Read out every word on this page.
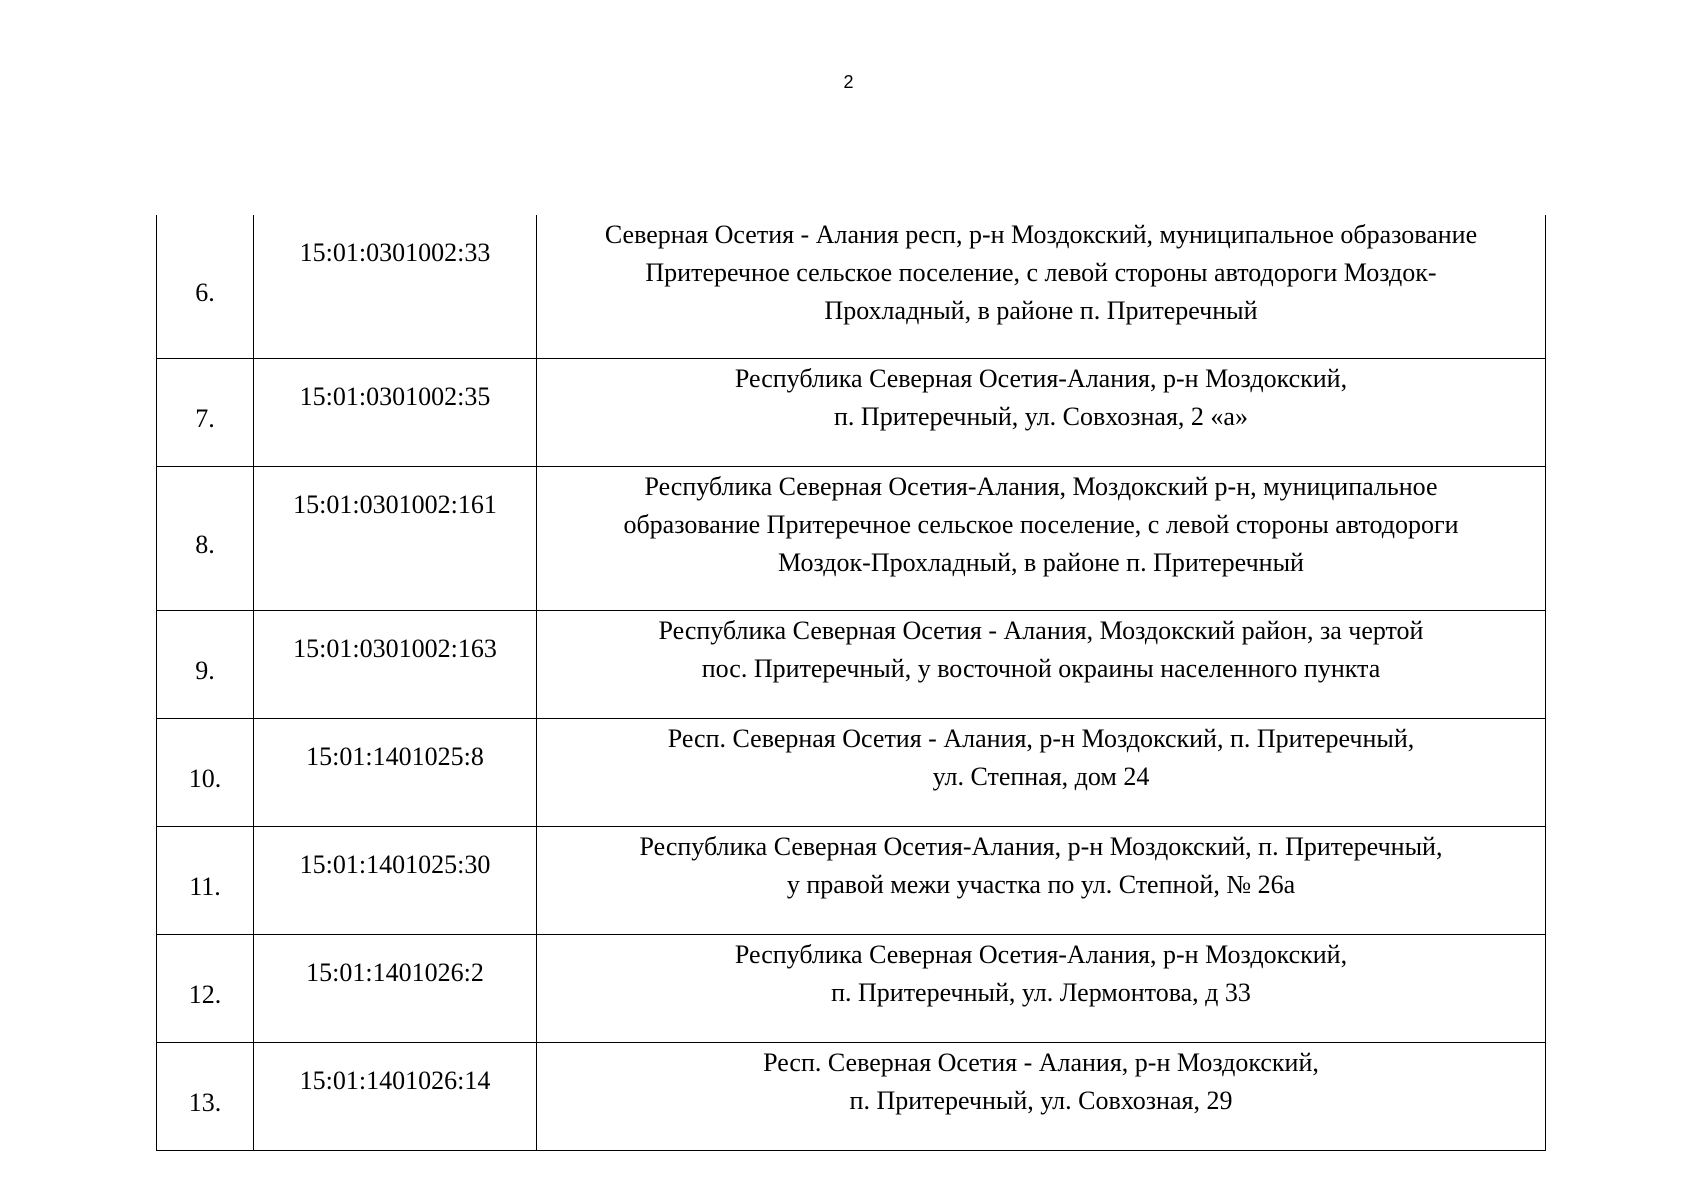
2
6.	15:01:0301002:33	Северная Осетия - Алания респ, р-н Моздокский, муниципальное образование
Притеречное сельское поселение, с левой стороны автодороги Моздок-
Прохладный, в районе п. Притеречный

7.	15:01:0301002:35	Республика Северная Осетия-Алания, р-н Моздокский,
п. Притеречный, ул. Совхозная, 2 «а»

8.	15:01:0301002:161	Республика Северная Осетия-Алания, Моздокский р-н, муниципальное
образование Притеречное сельское поселение, с левой стороны автодороги
Моздок-Прохладный, в районе п. Притеречный

9.	15:01:0301002:163	Республика Северная Осетия - Алания, Моздокский район, за чертой
пос. Притеречный, у восточной окраины населенного пункта

10.	15:01:1401025:8	Респ. Северная Осетия - Алания, р-н Моздокский, п. Притеречный,
ул. Степная, дом 24

11.	15:01:1401025:30	Республика Северная Осетия-Алания, р-н Моздокский, п. Притеречный,
у правой межи участка по ул. Степной, № 26а

12.	15:01:1401026:2	Республика Северная Осетия-Алания, р-н Моздокский,
п. Притеречный, ул. Лермонтова, д 33

13.	15:01:1401026:14	Респ. Северная Осетия - Алания, р-н Моздокский,
п. Притеречный, ул. Совхозная, 29
